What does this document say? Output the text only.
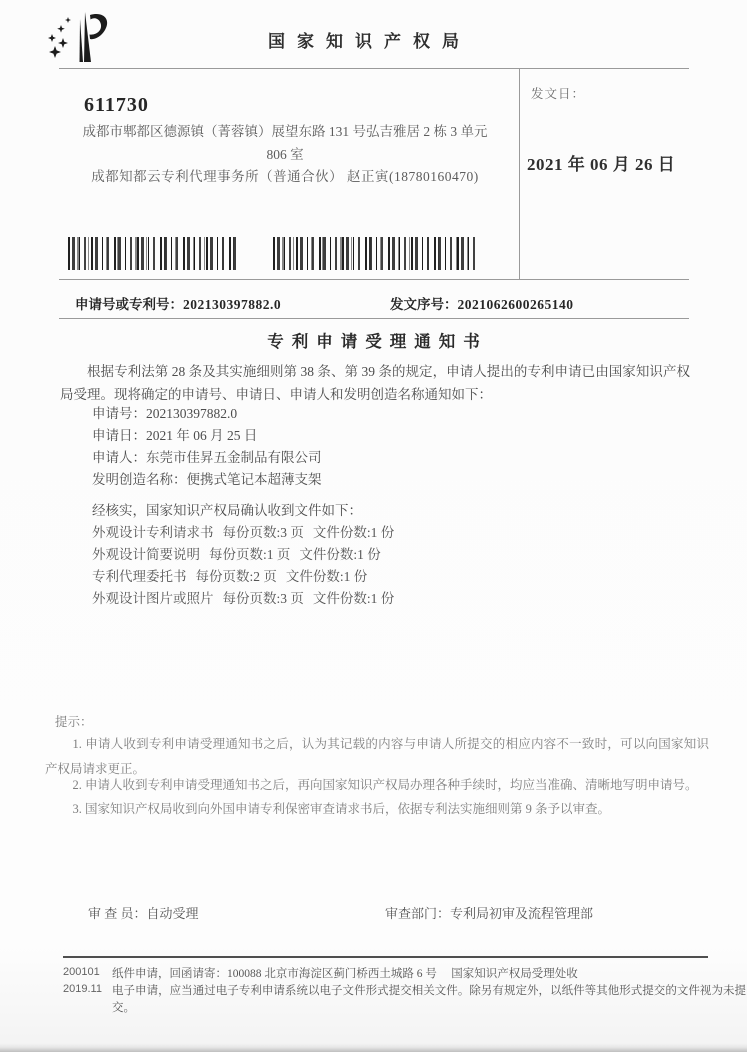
国家知识产权局
发文日：
2021 年 06 月 26 日
611730
成都市郫都区德源镇（菁蓉镇）展望东路 131 号弘吉雅居 2 栋 3 单元
806 室
成都知都云专利代理事务所（普通合伙） 赵正寅(18780160470)
申请号或专利号：202130397882.0	发文序号：2021062600265140
专利申请受理通知书
根据专利法第 28 条及其实施细则第 38 条、第 39 条的规定，申请人提出的专利申请已由国家知识产权局受理。现将确定的申请号、申请日、申请人和发明创造名称通知如下：
申请号：202130397882.0
申请日：2021 年 06 月 25 日
申请人：东莞市佳昇五金制品有限公司
发明创造名称：便携式笔记本超薄支架
经核实，国家知识产权局确认收到文件如下：
外观设计专利请求书 每份页数:3 页 文件份数:1 份
外观设计简要说明 每份页数:1 页 文件份数:1 份
专利代理委托书 每份页数:2 页 文件份数:1 份
外观设计图片或照片 每份页数:3 页 文件份数:1 份
提示：
1. 申请人收到专利申请受理通知书之后，认为其记载的内容与申请人所提交的相应内容不一致时，可以向国家知识产权局请求更正。
2. 申请人收到专利申请受理通知书之后，再向国家知识产权局办理各种手续时，均应当准确、清晰地写明申请号。
3. 国家知识产权局收到向外国申请专利保密审查请求书后，依据专利法实施细则第 9 条予以审查。
审 查 员：自动受理	审查部门：专利局初审及流程管理部
200101
2019.11
纸件申请，回函请寄：100088 北京市海淀区蓟门桥西土城路 6 号　 国家知识产权局受理处收
电子申请，应当通过电子专利申请系统以电子文件形式提交相关文件。除另有规定外，以纸件等其他形式提交的文件视为未提交。
